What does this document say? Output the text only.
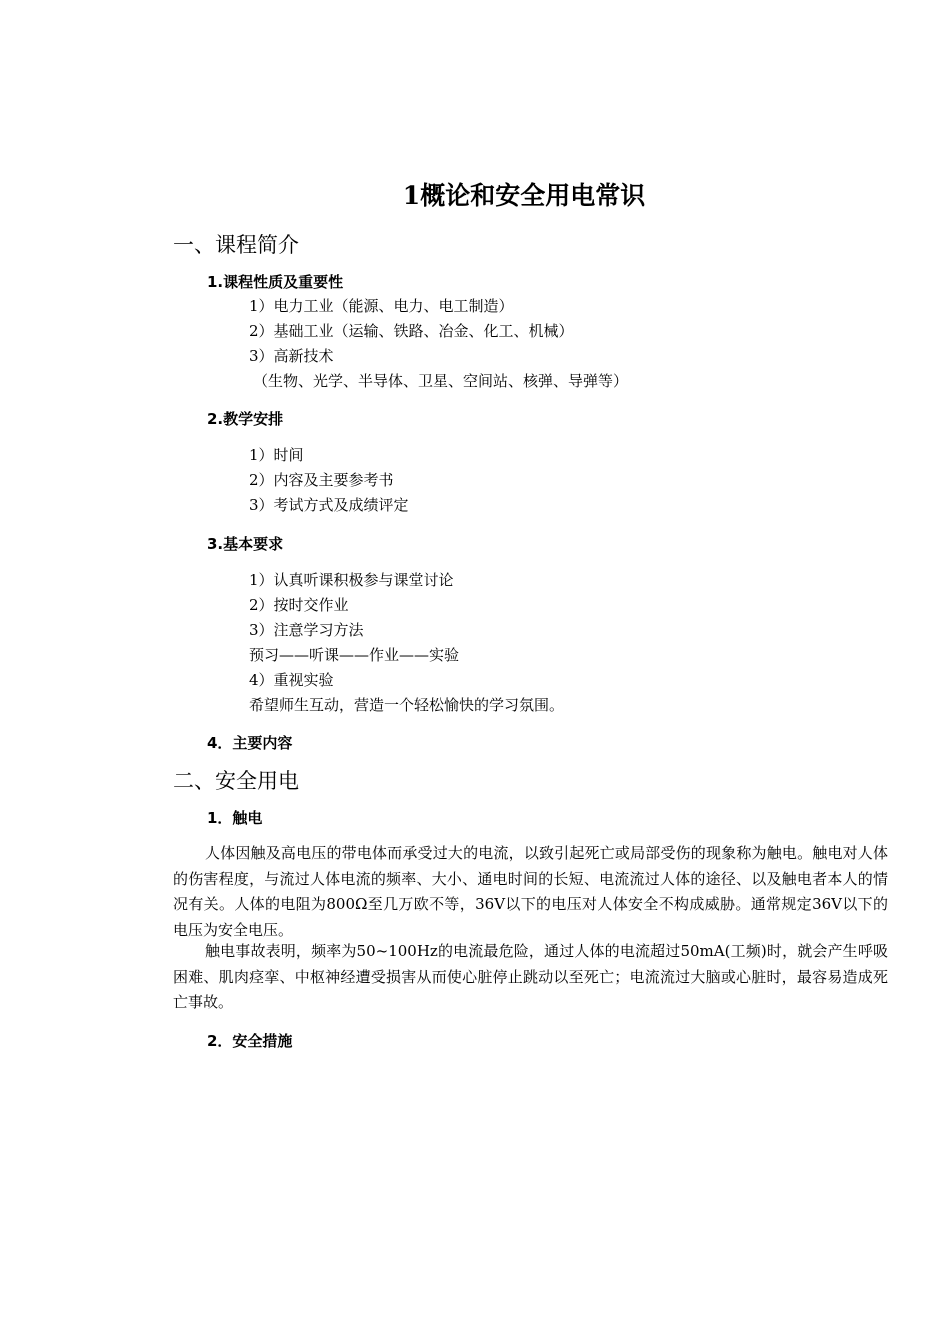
1概论和安全用电常识
一、课程简介
1.课程性质及重要性
1）电力工业（能源、电力、电工制造）
2）基础工业（运输、铁路、冶金、化工、机械）
3）高新技术
（生物、光学、半导体、卫星、空间站、核弹、导弹等）
2.教学安排
1）时间
2）内容及主要参考书
3）考试方式及成绩评定
3.基本要求
1）认真听课积极参与课堂讨论
2）按时交作业
3）注意学习方法
预习——听课——作业——实验
4）重视实验
希望师生互动，营造一个轻松愉快的学习氛围。
4．主要内容
二、安全用电
1．触电
人体因触及高电压的带电体而承受过大的电流，以致引起死亡或局部受伤的现象称为触电。触电对人体的伤害程度，与流过人体电流的频率、大小、通电时间的长短、电流流过人体的途径、以及触电者本人的情况有关。人体的电阻为800Ω至几万欧不等，36V以下的电压对人体安全不构成威胁。通常规定36V以下的电压为安全电压。
触电事故表明，频率为50~100Hz的电流最危险，通过人体的电流超过50mA(工频)时，就会产生呼吸困难、肌肉痉挛、中枢神经遭受损害从而使心脏停止跳动以至死亡；电流流过大脑或心脏时，最容易造成死亡事故。
2．安全措施
